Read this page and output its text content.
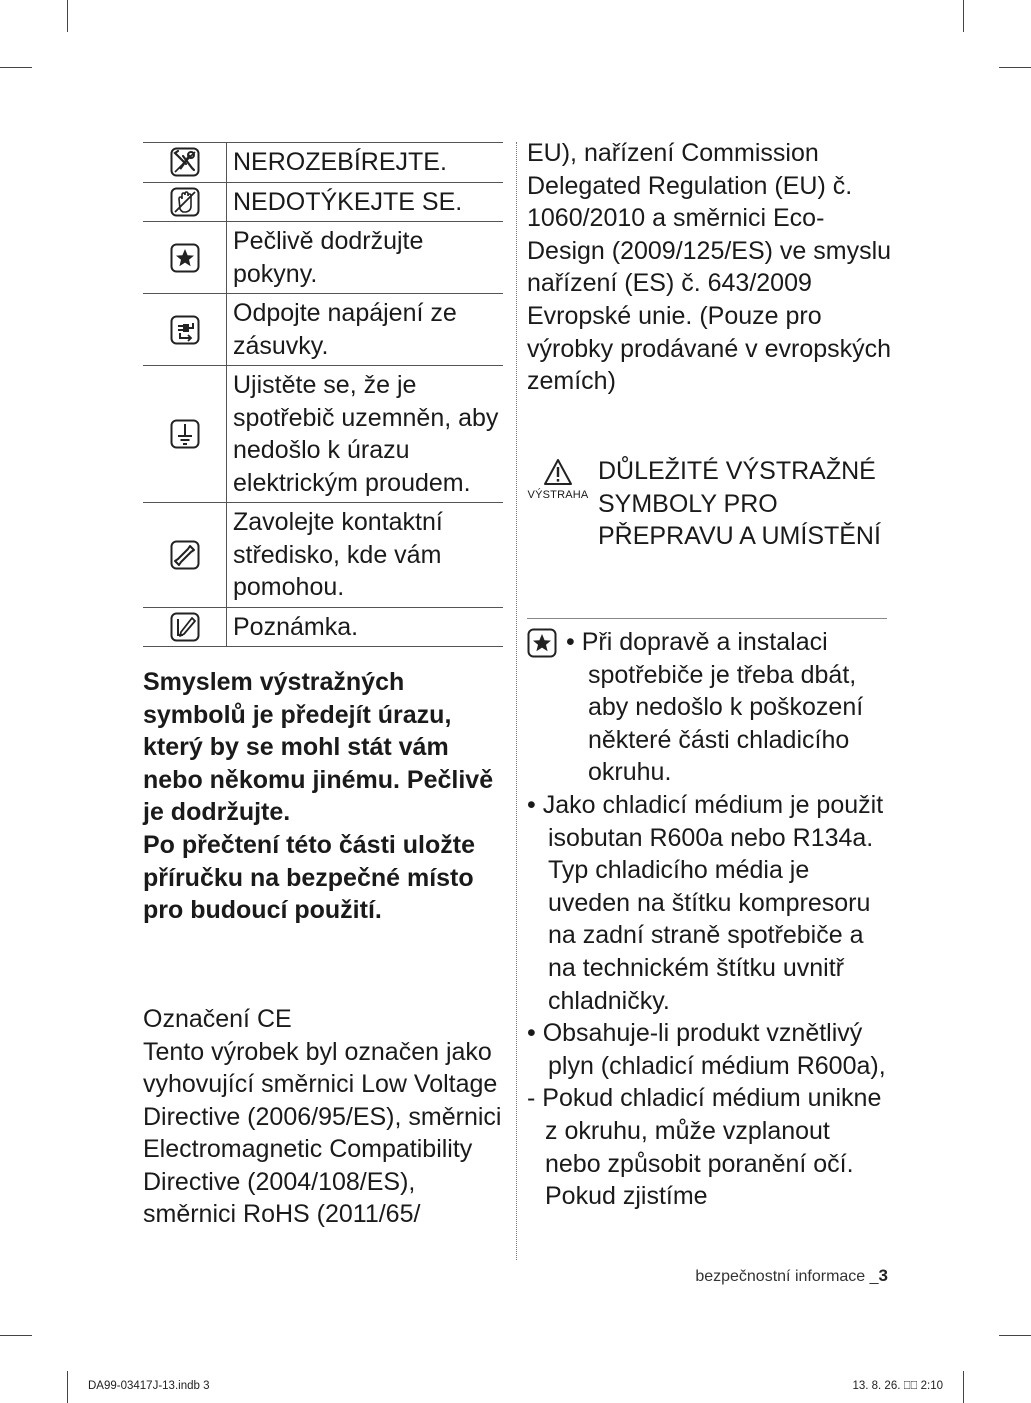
NEROZEBÍREJTE.
NEDOTÝKEJTE SE.
Pečlivě dodržujte pokyny.
Odpojte napájení ze zásuvky.
Ujistěte se, že je spotřebič uzemněn, aby nedošlo k úrazu elektrickým proudem.
Zavolejte kontaktní středisko, kde vám pomohou.
Poznámka.

Smyslem výstražných symbolů je předejít úrazu, který by se mohl stát vám nebo někomu jinému. Pečlivě je dodržujte.

Po přečtení této části uložte příručku na bezpečné místo pro budoucí použití.

Označení CE

Tento výrobek byl označen jako vyhovující směrnici Low Voltage Directive (2006/95/ES), směrnici Electromagnetic Compatibility Directive (2004/108/ES), směrnici RoHS (2011/65/

EU), nařízení Commission Delegated Regulation (EU) č. 1060/2010 a směrnici Eco-Design (2009/125/ES) ve smyslu nařízení (ES) č. 643/2009 Evropské unie. (Pouze pro výrobky prodávané v evropských zemích)
VÝSTRAHA
DŮLEŽITÉ VÝSTRAŽNÉ SYMBOLY PRO PŘEPRAVU A UMÍSTĚNÍ

• Při dopravě a instalaci spotřebiče je třeba dbát, aby nedošlo k poškození některé části chladicího okruhu.

• Jako chladicí médium je použit isobutan R600a nebo R134a. Typ chladicího média je uveden na štítku kompresoru na zadní straně spotřebiče a na technickém štítku uvnitř chladničky.

• Obsahuje-li produkt vznětlivý plyn (chladicí médium R600a),

- Pokud chladicí médium unikne z okruhu, může vzplanout nebo způsobit poranění očí. Pokud zjistíme

bezpečnostní informace _3
DA99-03417J-13.indb 3	13. 8. 26. ⎕⎕ 2:10
